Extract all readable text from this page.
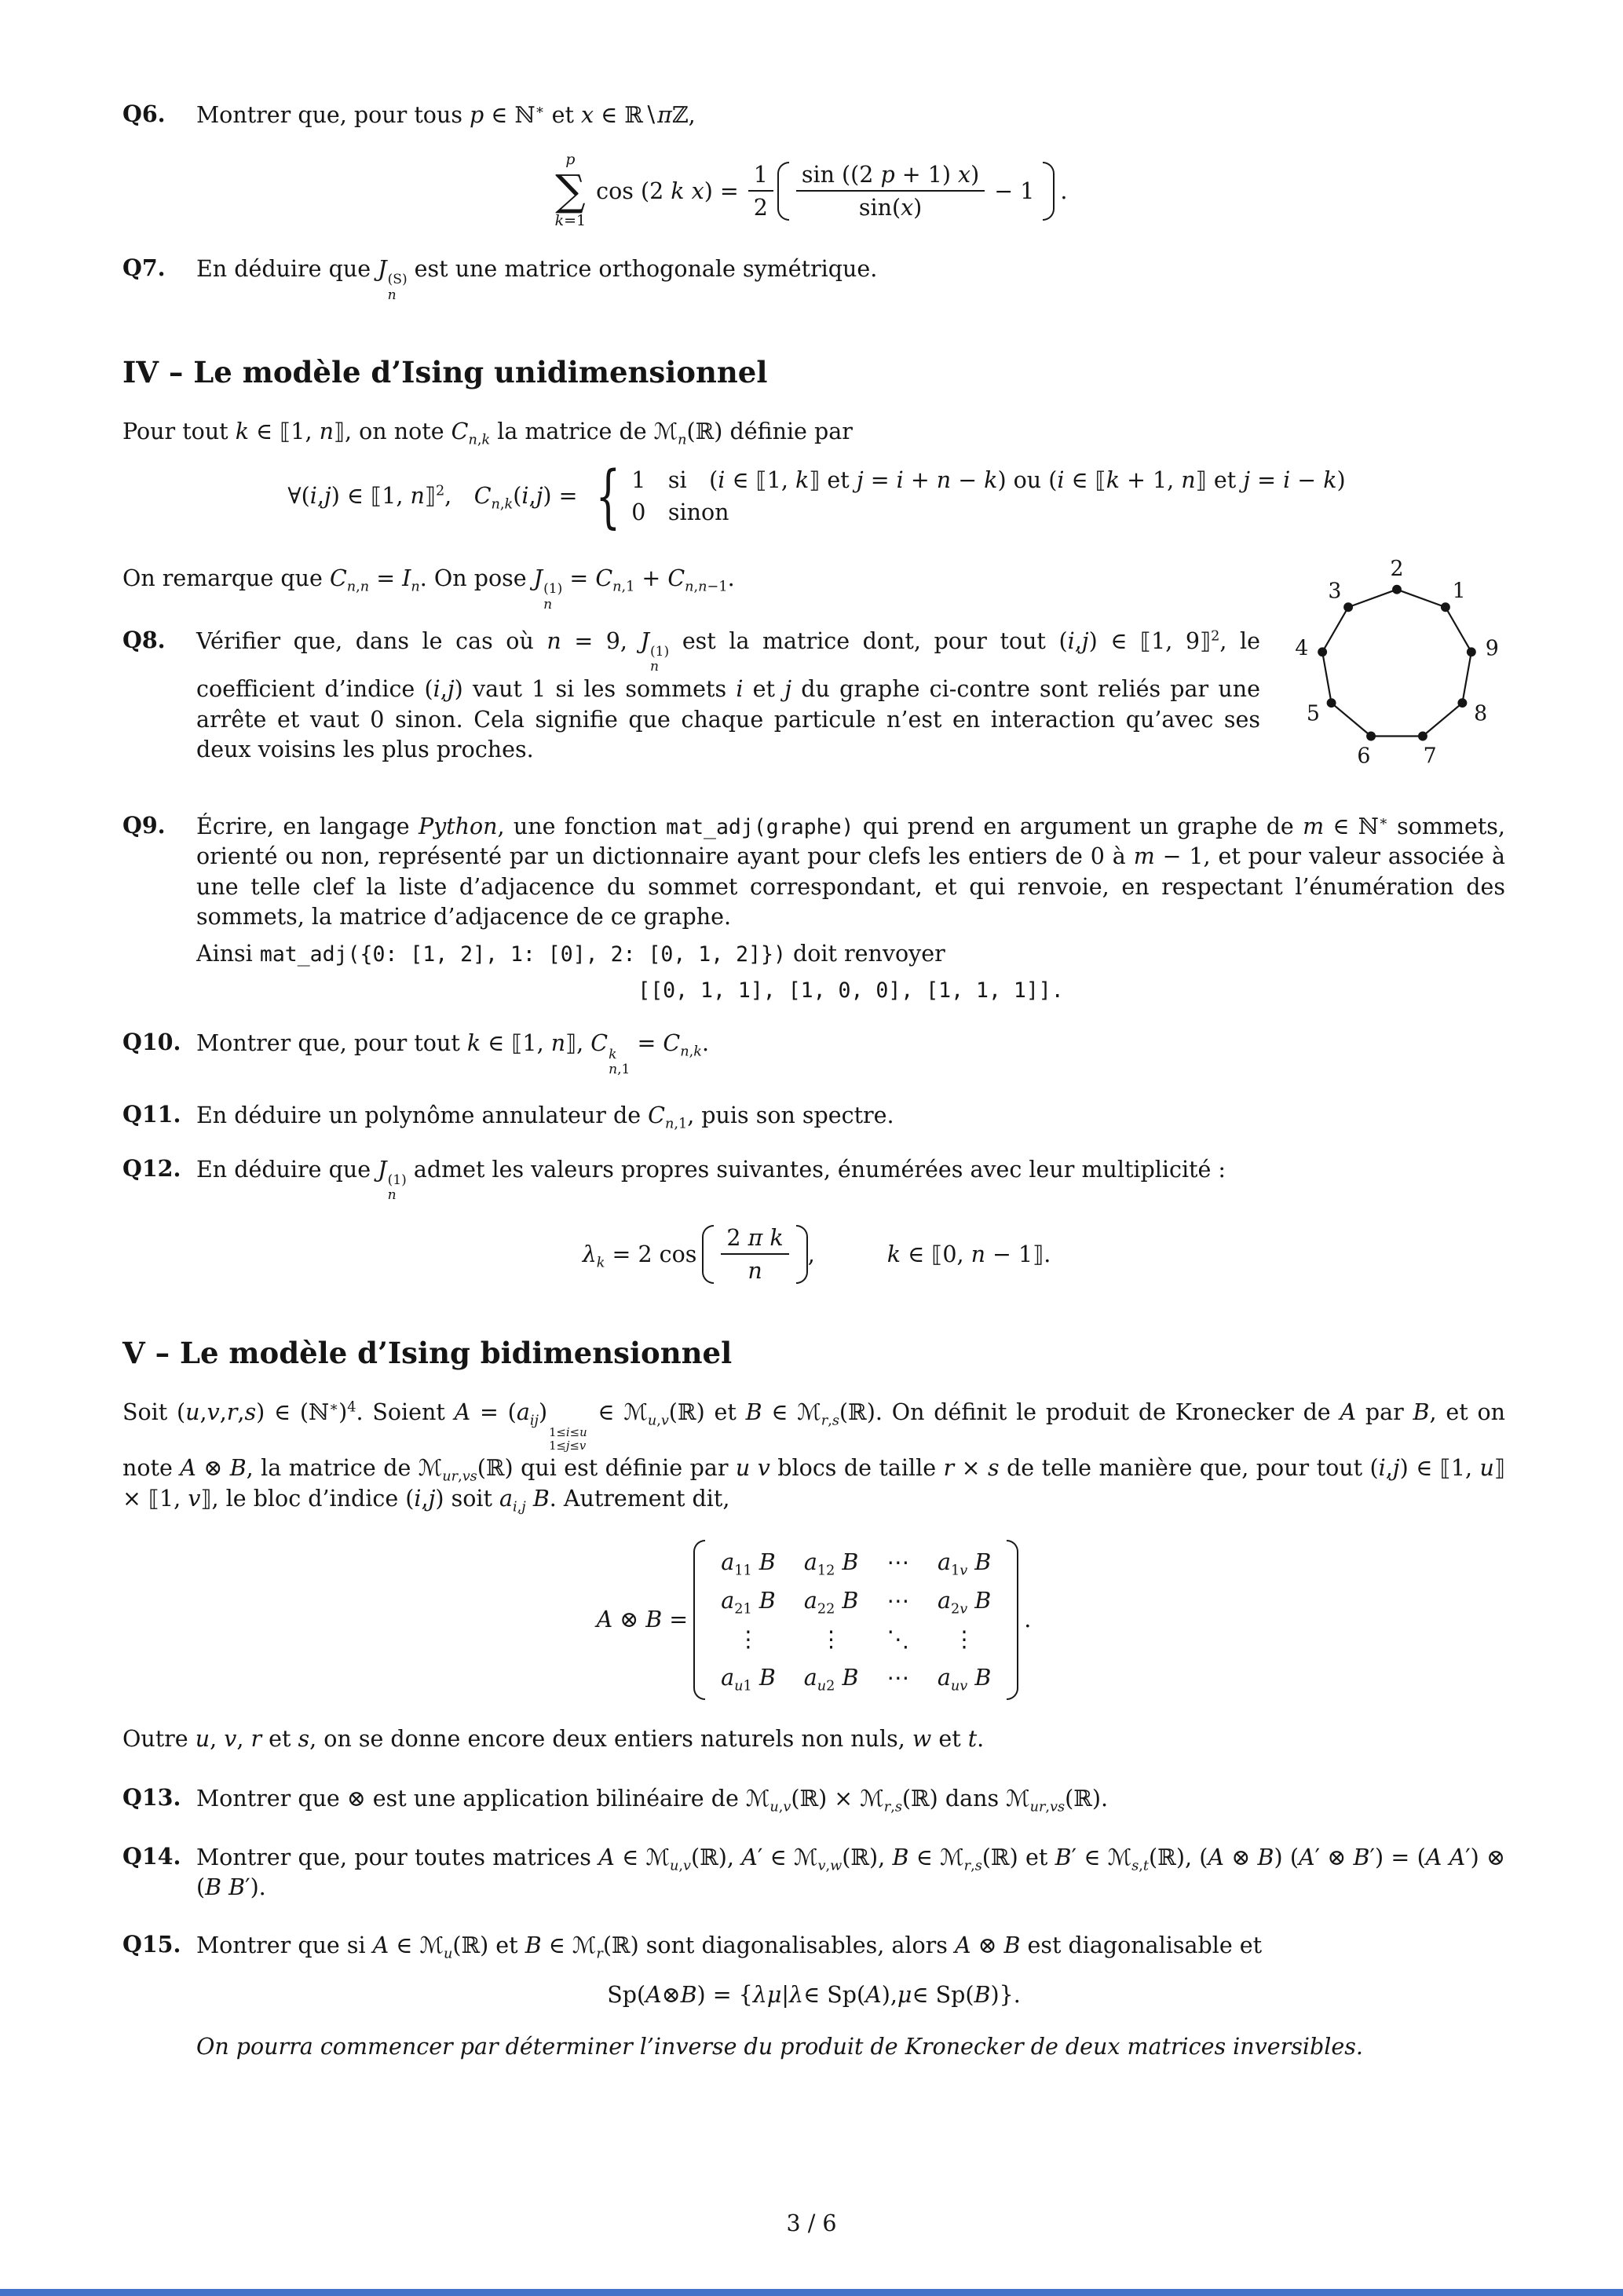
Q6.	Montrer que, pour tous p ∈ ℕ∗ et x ∈ ℝ∖πℤ,
p
∑
k=1
cos (2 k $x) = \frac{1}{2} \frac{\sin ((2 p + 1) x)}{\sin(x)} - 1$ .
Q7.	En déduire que J (S)
n
est une matrice orthogonale symétrique.
IV – Le modèle d’Ising unidimensionnel
Pour tout k ∈ ⟦1, n⟧, on note $C_{n,k}$ la matrice de ℳ$_n$(ℝ) définie par
∀(i,j) ∈ ⟦1, n⟧$^2$, $C_{n,k}(i,j)$ = { 1 si (i ∈ ⟦1, k⟧ et j = i + n − k) ou (i ∈ ⟦k + 1, n⟧ et j = i − k)
0 sinon
On remarque que $C_{n,n} = I_n$. On pose J (1)
n
= $C_{n,1} + C_{n,n-1}$.
Q8.
1
2
3
4
5
6 7
8
9
Vérifier que, dans le cas où n = 9, J (1)
n
est la matrice dont, pour tout (i,j) ∈ ⟦1, 9⟧$^2$, le coefficient d’indice (i,j) vaut 1 si les sommets i et j du graphe ci-contre sont reliés par une arrête et vaut 0 sinon. Cela signifie que chaque particule n’est en interaction qu’avec ses deux voisins les plus proches.
Q9.	Écrire, en langage Python, une fonction mat_adj(graphe) qui prend en argument un graphe de m ∈ ℕ∗ sommets, orienté ou non, représenté par un dictionnaire ayant pour clefs les entiers de 0 à m − 1, et pour valeur associée à une telle clef la liste d’adjacence du sommet correspondant, et qui renvoie, en respectant l’énumération des sommets, la matrice d’adjacence de ce graphe.

Ainsi mat_adj({0: [1, 2], 1: [0], 2: [0, 1, 2]}) doit renvoyer

[[0, 1, 1], [1, 0, 0], [1, 1, 1]].

Q10. Montrer que, pour tout k ∈ ⟦1, n⟧, C k
n,1
= $C_{n,k}$.
Q11. En déduire un polynôme annulateur de $C_{n,1}$, puis son spectre.
Q12. En déduire que J (1)
n
admet les valeurs propres suivantes, énumérées avec leur multiplicité :
$\lambda_k = 2$ $\cos \frac{\text{2 π k}}{n}$ ,	k ∈ ⟦0, n − 1⟧.
V – Le modèle d’Ising bidimensionnel
Soit (u,v,r,s) ∈ (ℕ∗)$^4$. Soient $A = (a_{ij})$
1≤i≤u
1≤j≤v
∈ ℳ$_{u,v}$(ℝ) et B ∈ ℳ$_{r,s}$(ℝ). On définit le produit de Kronecker de A par B, et on note A ⊗ B, la matrice de ℳ$_{ur,vs}$(ℝ) qui est définie par u v blocs de taille r × s de telle manière que, pour tout (i,j) ∈ ⟦1, u⟧ × ⟦1, v⟧, le bloc d’indice (i,j) soit $a_{i,j}$ B. Autrement dit,
A ⊗ B =
$a_{11}$ B $a_{12}$ B ⋯ $a_{1v}$ B
$a_{21}$ B $a_{22}$ B ⋯ $a_{2v}$ B
⋮	⋮ ⋱ ⋮
$a_{u1}$ B $a_{u2}$ B ⋯ $a_{uv}$ B
.
Outre u, v, r et s, on se donne encore deux entiers naturels non nuls, w et t.
Q13. Montrer que ⊗ est une application bilinéaire de ℳ$_{u,v}$(ℝ) × ℳ$_{r,s}$(ℝ) dans ℳ$_{ur,vs}$(ℝ).
Q14. Montrer que, pour toutes matrices A ∈ ℳ$_{u,v}$(ℝ), A′ ∈ ℳ$_{v,w}$(ℝ), B ∈ ℳ$_{r,s}$(ℝ) et B′ ∈ ℳ$_{s,t}$(ℝ), (A ⊗ B) (A′ ⊗ B′) = (A A′) ⊗ (B B′).
Q15. Montrer que si A ∈ ℳ$_u$(ℝ) et B ∈ ℳ$_r$(ℝ) sont diagonalisables, alors A ⊗ B est diagonalisable et
Sp( A ⊗ B ) = { λ μ | λ ∈ Sp( A ), μ ∈ Sp( B )}.
On pourra commencer par déterminer l’inverse du produit de Kronecker de deux matrices inversibles.
3 / 6
